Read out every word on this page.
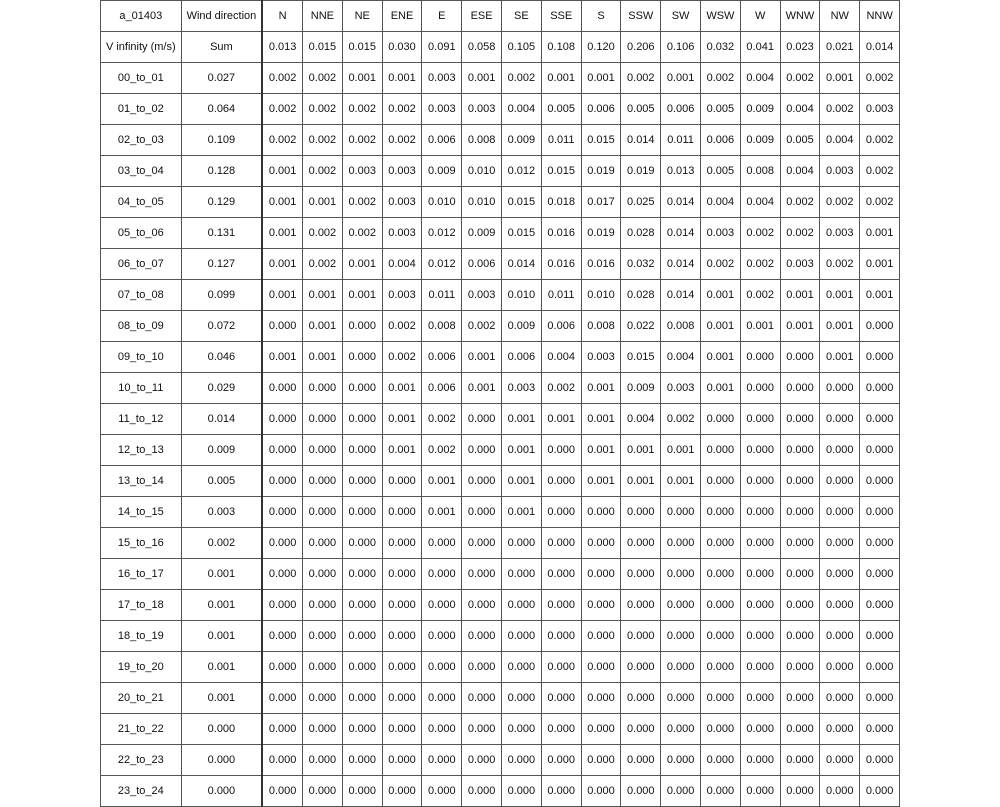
a_01403	Wind direction	N	NNE	NE	ENE	E	ESE	SE	SSE	S	SSW	SW	WSW	W	WNW	NW	NNW
V infinity (m/s)	Sum	0.013	0.015	0.015	0.030	0.091	0.058	0.105	0.108	0.120	0.206	0.106	0.032	0.041	0.023	0.021	0.014
00_to_01	0.027	0.002	0.002	0.001	0.001	0.003	0.001	0.002	0.001	0.001	0.002	0.001	0.002	0.004	0.002	0.001	0.002
01_to_02	0.064	0.002	0.002	0.002	0.002	0.003	0.003	0.004	0.005	0.006	0.005	0.006	0.005	0.009	0.004	0.002	0.003
02_to_03	0.109	0.002	0.002	0.002	0.002	0.006	0.008	0.009	0.011	0.015	0.014	0.011	0.006	0.009	0.005	0.004	0.002
03_to_04	0.128	0.001	0.002	0.003	0.003	0.009	0.010	0.012	0.015	0.019	0.019	0.013	0.005	0.008	0.004	0.003	0.002
04_to_05	0.129	0.001	0.001	0.002	0.003	0.010	0.010	0.015	0.018	0.017	0.025	0.014	0.004	0.004	0.002	0.002	0.002
05_to_06	0.131	0.001	0.002	0.002	0.003	0.012	0.009	0.015	0.016	0.019	0.028	0.014	0.003	0.002	0.002	0.003	0.001
06_to_07	0.127	0.001	0.002	0.001	0.004	0.012	0.006	0.014	0.016	0.016	0.032	0.014	0.002	0.002	0.003	0.002	0.001
07_to_08	0.099	0.001	0.001	0.001	0.003	0.011	0.003	0.010	0.011	0.010	0.028	0.014	0.001	0.002	0.001	0.001	0.001
08_to_09	0.072	0.000	0.001	0.000	0.002	0.008	0.002	0.009	0.006	0.008	0.022	0.008	0.001	0.001	0.001	0.001	0.000
09_to_10	0.046	0.001	0.001	0.000	0.002	0.006	0.001	0.006	0.004	0.003	0.015	0.004	0.001	0.000	0.000	0.001	0.000
10_to_11	0.029	0.000	0.000	0.000	0.001	0.006	0.001	0.003	0.002	0.001	0.009	0.003	0.001	0.000	0.000	0.000	0.000
11_to_12	0.014	0.000	0.000	0.000	0.001	0.002	0.000	0.001	0.001	0.001	0.004	0.002	0.000	0.000	0.000	0.000	0.000
12_to_13	0.009	0.000	0.000	0.000	0.001	0.002	0.000	0.001	0.000	0.001	0.001	0.001	0.000	0.000	0.000	0.000	0.000
13_to_14	0.005	0.000	0.000	0.000	0.000	0.001	0.000	0.001	0.000	0.001	0.001	0.001	0.000	0.000	0.000	0.000	0.000
14_to_15	0.003	0.000	0.000	0.000	0.000	0.001	0.000	0.001	0.000	0.000	0.000	0.000	0.000	0.000	0.000	0.000	0.000
15_to_16	0.002	0.000	0.000	0.000	0.000	0.000	0.000	0.000	0.000	0.000	0.000	0.000	0.000	0.000	0.000	0.000	0.000
16_to_17	0.001	0.000	0.000	0.000	0.000	0.000	0.000	0.000	0.000	0.000	0.000	0.000	0.000	0.000	0.000	0.000	0.000
17_to_18	0.001	0.000	0.000	0.000	0.000	0.000	0.000	0.000	0.000	0.000	0.000	0.000	0.000	0.000	0.000	0.000	0.000
18_to_19	0.001	0.000	0.000	0.000	0.000	0.000	0.000	0.000	0.000	0.000	0.000	0.000	0.000	0.000	0.000	0.000	0.000
19_to_20	0.001	0.000	0.000	0.000	0.000	0.000	0.000	0.000	0.000	0.000	0.000	0.000	0.000	0.000	0.000	0.000	0.000
20_to_21	0.001	0.000	0.000	0.000	0.000	0.000	0.000	0.000	0.000	0.000	0.000	0.000	0.000	0.000	0.000	0.000	0.000
21_to_22	0.000	0.000	0.000	0.000	0.000	0.000	0.000	0.000	0.000	0.000	0.000	0.000	0.000	0.000	0.000	0.000	0.000
22_to_23	0.000	0.000	0.000	0.000	0.000	0.000	0.000	0.000	0.000	0.000	0.000	0.000	0.000	0.000	0.000	0.000	0.000
23_to_24	0.000	0.000	0.000	0.000	0.000	0.000	0.000	0.000	0.000	0.000	0.000	0.000	0.000	0.000	0.000	0.000	0.000
